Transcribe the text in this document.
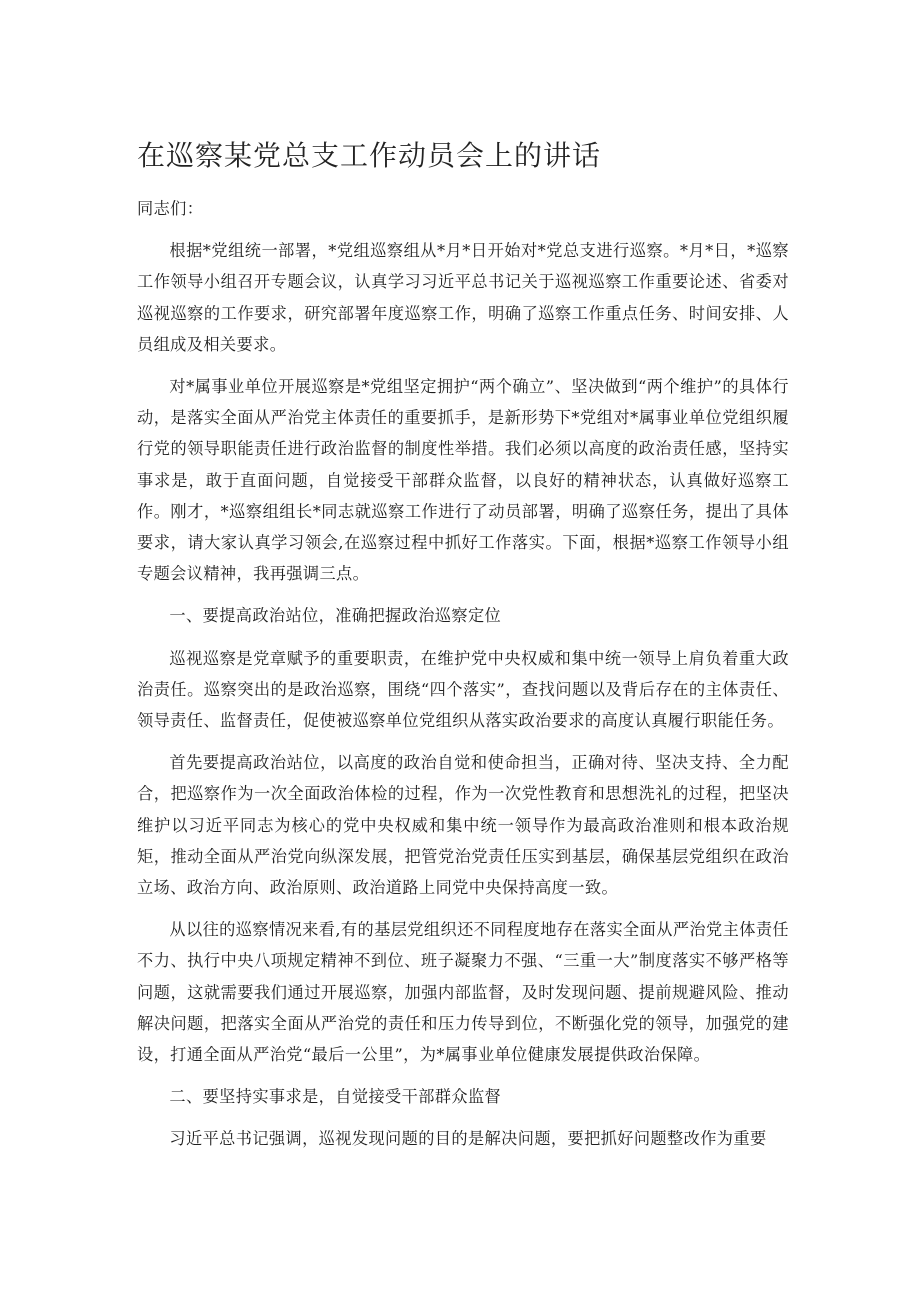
在巡察某党总支工作动员会上的讲话

同志们：

根据*党组统一部署，*党组巡察组从*月*日开始对*党总支进行巡察。*月*日，*巡察工作领导小组召开专题会议，认真学习习近平总书记关于巡视巡察工作重要论述、省委对巡视巡察的工作要求，研究部署年度巡察工作，明确了巡察工作重点任务、时间安排、人员组成及相关要求。

对*属事业单位开展巡察是*党组坚定拥护“两个确立”、坚决做到“两个维护”的具体行动，是落实全面从严治党主体责任的重要抓手，是新形势下*党组对*属事业单位党组织履行党的领导职能责任进行政治监督的制度性举措。我们必须以高度的政治责任感，坚持实事求是，敢于直面问题，自觉接受干部群众监督，以良好的精神状态，认真做好巡察工作。刚才，*巡察组组长*同志就巡察工作进行了动员部署，明确了巡察任务，提出了具体要求，请大家认真学习领会,在巡察过程中抓好工作落实。下面，根据*巡察工作领导小组专题会议精神，我再强调三点。

一、要提高政治站位，准确把握政治巡察定位

巡视巡察是党章赋予的重要职责，在维护党中央权威和集中统一领导上肩负着重大政治责任。巡察突出的是政治巡察，围绕“四个落实”，查找问题以及背后存在的主体责任、领导责任、监督责任，促使被巡察单位党组织从落实政治要求的高度认真履行职能任务。

首先要提高政治站位，以高度的政治自觉和使命担当，正确对待、坚决支持、全力配合，把巡察作为一次全面政治体检的过程，作为一次党性教育和思想洗礼的过程，把坚决维护以习近平同志为核心的党中央权威和集中统一领导作为最高政治准则和根本政治规矩，推动全面从严治党向纵深发展，把管党治党责任压实到基层，确保基层党组织在政治立场、政治方向、政治原则、政治道路上同党中央保持高度一致。

从以往的巡察情况来看,有的基层党组织还不同程度地存在落实全面从严治党主体责任不力、执行中央八项规定精神不到位、班子凝聚力不强、“三重一大”制度落实不够严格等问题，这就需要我们通过开展巡察，加强内部监督，及时发现问题、提前规避风险、推动解决问题，把落实全面从严治党的责任和压力传导到位，不断强化党的领导，加强党的建设，打通全面从严治党“最后一公里”，为*属事业单位健康发展提供政治保障。

二、要坚持实事求是，自觉接受干部群众监督

习近平总书记强调，巡视发现问题的目的是解决问题，要把抓好问题整改作为重要
